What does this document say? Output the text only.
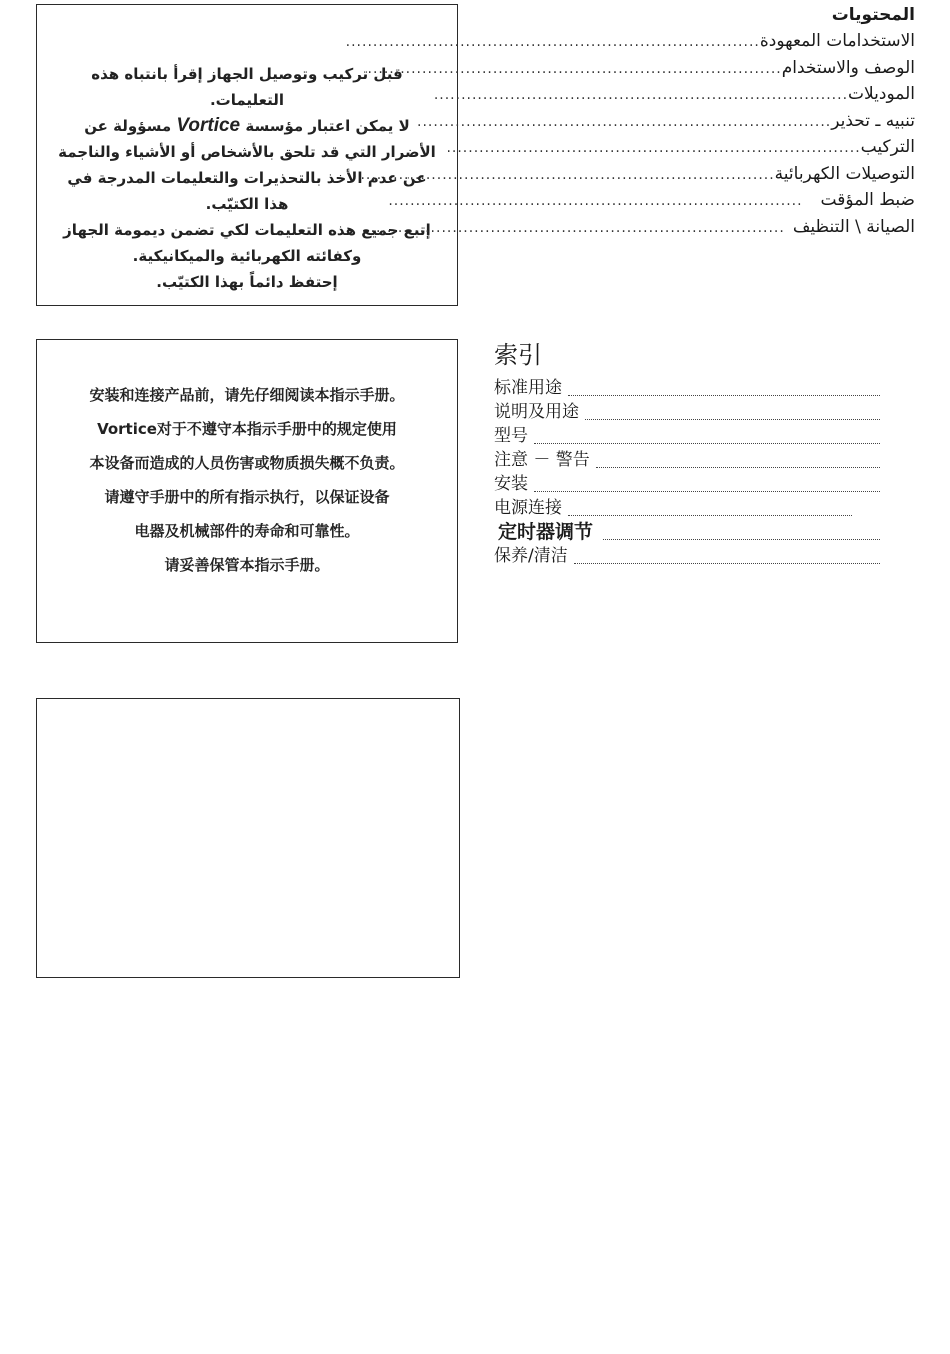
قبل تركيب وتوصيل الجهاز إقرأ بانتباه هذه التعليمات.

لا يمكن اعتبار مؤسسة Vortice مسؤولة عن الأضرار التي قد تلحق بالأشخاص أو الأشياء والناجمة عن عدم الأخذ بالتحذيرات والتعليمات المدرجة في هذا الكتيّب.

إتبع جميع هذه التعليمات لكي تضمن ديمومة الجهاز وكفائته الكهربائية والميكانيكية.

إحتفظ دائماً بهذا الكتيّب.

المحتويات
الاستخدامات المعهودة
............................................................................
الوصف والاستخدام
............................................................................
الموديلات
............................................................................
تنبيه ـ تحذير
............................................................................
التركيب
............................................................................
التوصيلات الكهربائية
............................................................................
ضبط المؤقت
............................................................................
الصيانة \ التنظيف
............................................................................

安装和连接产品前，请先仔细阅读本指示手册。

Vortice对于不遵守本指示手册中的规定使用

本设备而造成的人员伤害或物质损失概不负责。

请遵守手册中的所有指示执行，以保证设备

电器及机械部件的寿命和可靠性。

请妥善保管本指示手册。

索引
标准用途
说明及用途
型号
注意 － 警告
安装
电源连接
定时器调节
保养/清洁
